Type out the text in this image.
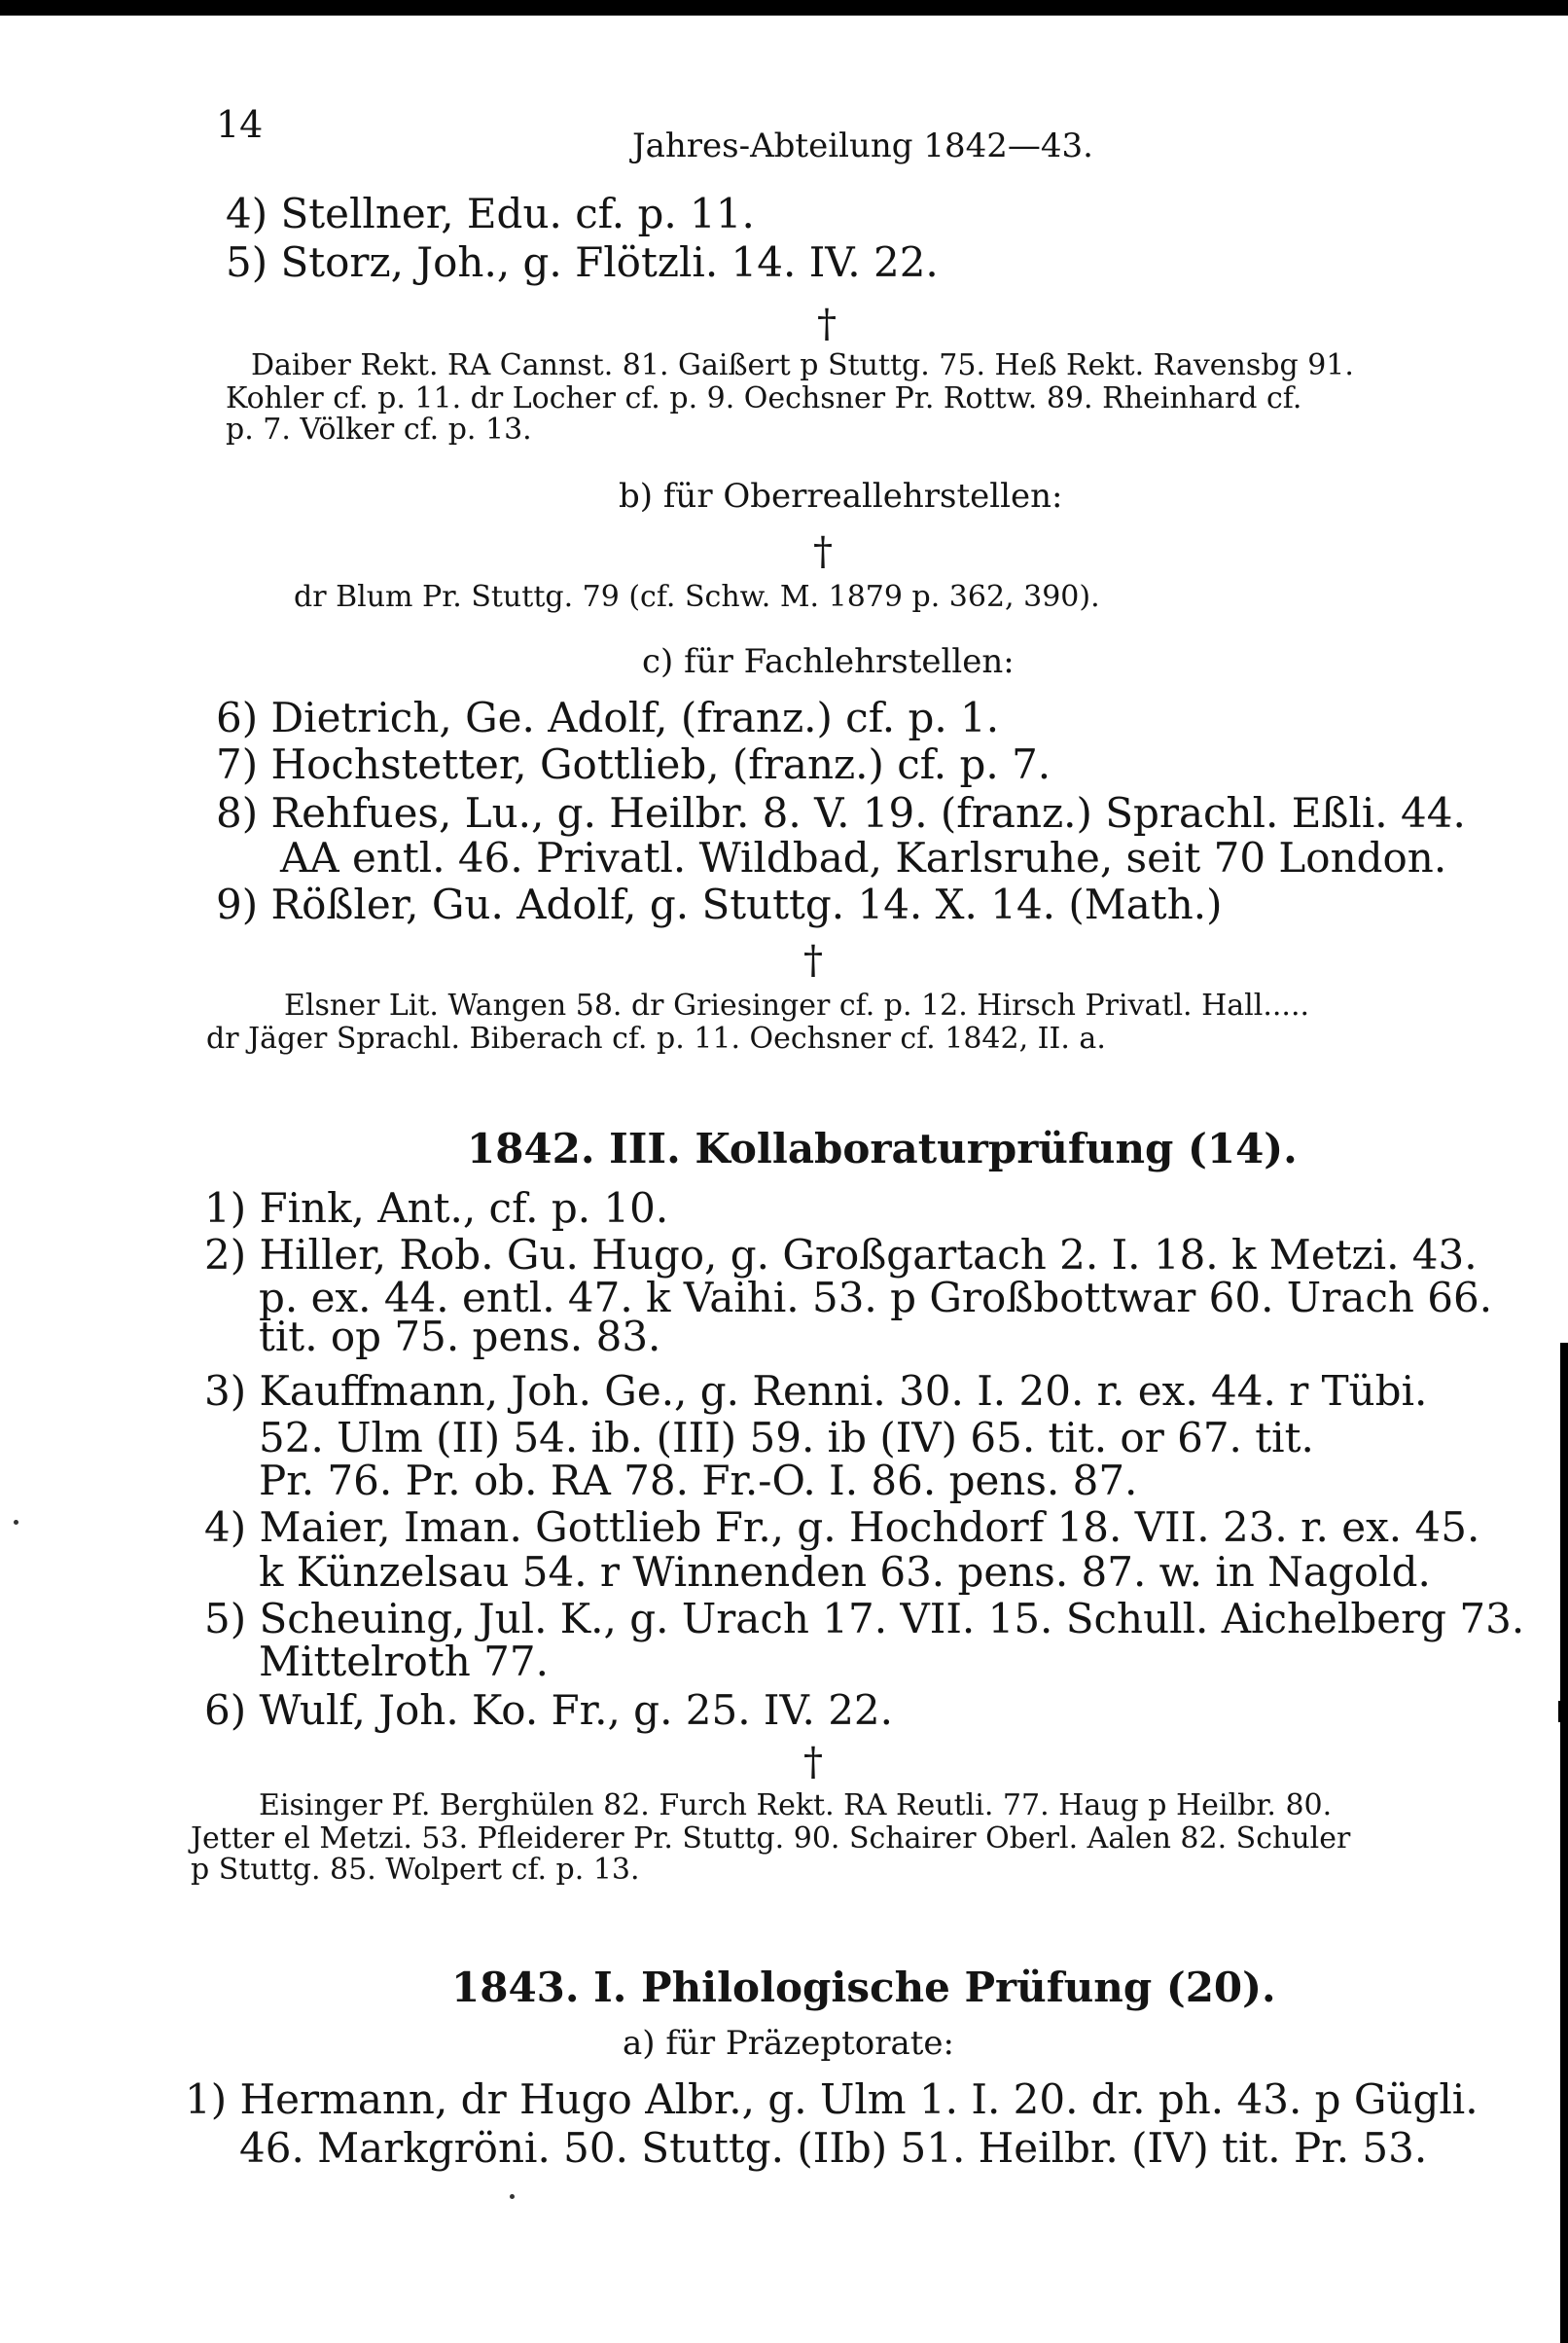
14	Jahres-Abteilung 1842—43.
4) Stellner, Edu. cf. p. 11.
5) Storz, Joh., g. Flötzli. 14. IV. 22.
†
Daiber Rekt. RA Cannst. 81. Gaißert p Stuttg. 75. Heß Rekt. Ravensbg 91.
Kohler cf. p. 11. dr Locher cf. p. 9. Oechsner Pr. Rottw. 89. Rheinhard cf.
p. 7. Völker cf. p. 13.
b) für Oberreallehrstellen:
†
dr Blum Pr. Stuttg. 79 (cf. Schw. M. 1879 p. 362, 390).
c) für Fachlehrstellen:
6) Dietrich, Ge. Adolf, (franz.) cf. p. 1.
7) Hochstetter, Gottlieb, (franz.) cf. p. 7.
8) Rehfues, Lu., g. Heilbr. 8. V. 19. (franz.) Sprachl. Eßli. 44.
AA entl. 46. Privatl. Wildbad, Karlsruhe, seit 70 London.
9) Rößler, Gu. Adolf, g. Stuttg. 14. X. 14. (Math.)
†
Elsner Lit. Wangen 58. dr Griesinger cf. p. 12. Hirsch Privatl. Hall.....
dr Jäger Sprachl. Biberach cf. p. 11. Oechsner cf. 1842, II. a.
1842. III. Kollaboraturprüfung (14).
1) Fink, Ant., cf. p. 10.
2) Hiller, Rob. Gu. Hugo, g. Großgartach 2. I. 18. k Metzi. 43.
p. ex. 44. entl. 47. k Vaihi. 53. p Großbottwar 60. Urach 66.
tit. op 75. pens. 83.
3) Kauffmann, Joh. Ge., g. Renni. 30. I. 20. r. ex. 44. r Tübi.
52. Ulm (II) 54. ib. (III) 59. ib (IV) 65. tit. or 67. tit.
Pr. 76. Pr. ob. RA 78. Fr.-O. I. 86. pens. 87.
4) Maier, Iman. Gottlieb Fr., g. Hochdorf 18. VII. 23. r. ex. 45.
k Künzelsau 54. r Winnenden 63. pens. 87. w. in Nagold.
5) Scheuing, Jul. K., g. Urach 17. VII. 15. Schull. Aichelberg 73.
Mittelroth 77.
6) Wulf, Joh. Ko. Fr., g. 25. IV. 22.
†
Eisinger Pf. Berghülen 82. Furch Rekt. RA Reutli. 77. Haug p Heilbr. 80.
Jetter el Metzi. 53. Pfleiderer Pr. Stuttg. 90. Schairer Oberl. Aalen 82. Schuler
p Stuttg. 85. Wolpert cf. p. 13.
1843. I. Philologische Prüfung (20).
a) für Präzeptorate:
1) Hermann, dr Hugo Albr., g. Ulm 1. I. 20. dr. ph. 43. p Gügli.
46. Markgröni. 50. Stuttg. (IIb) 51. Heilbr. (IV) tit. Pr. 53.
